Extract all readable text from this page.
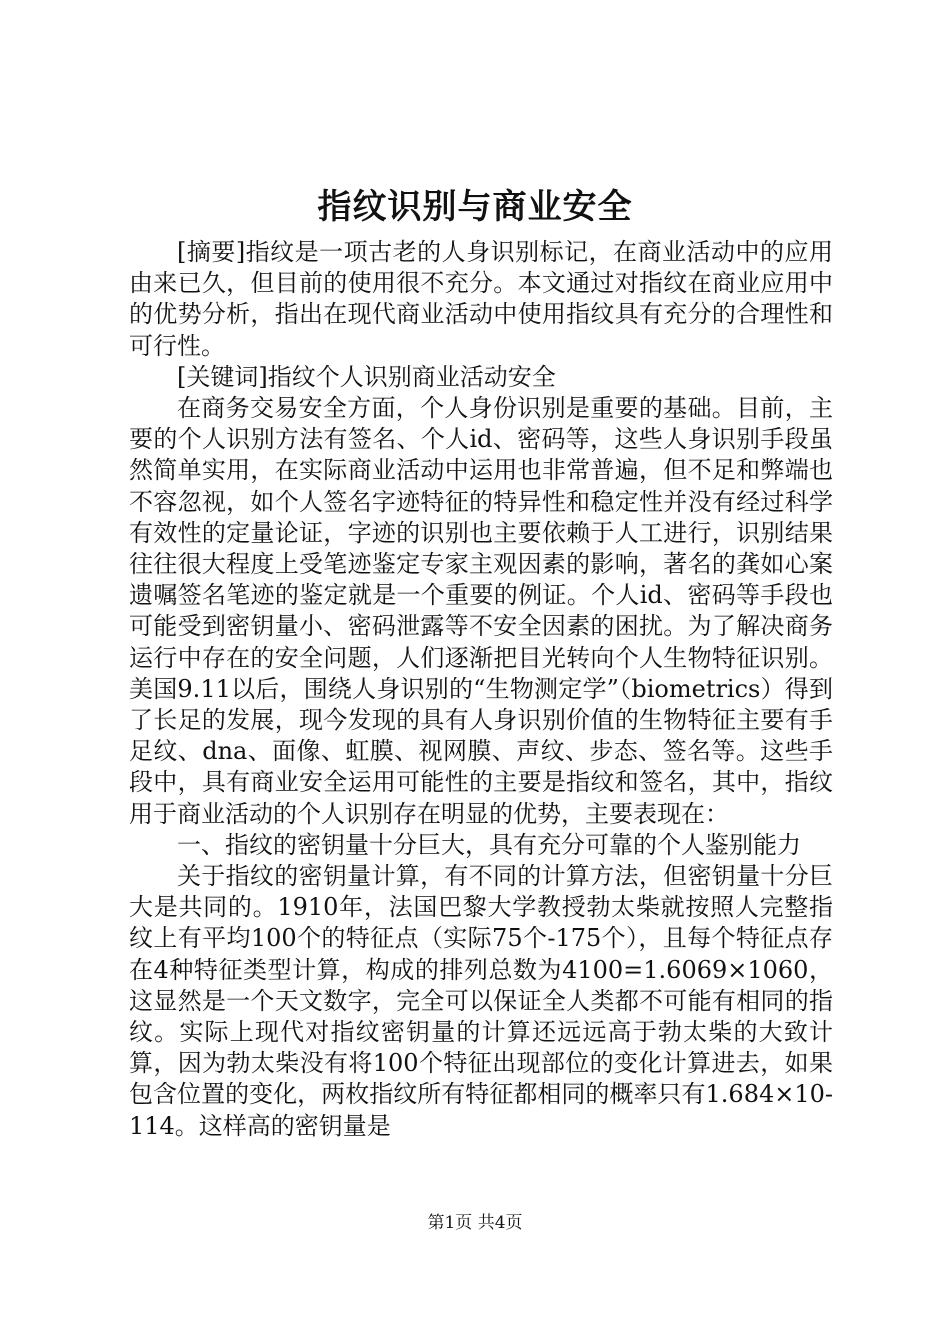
指纹识别与商业安全

[摘要]指纹是一项古老的人身识别标记，在商业活动中的应用由来已久，但目前的使用很不充分。本文通过对指纹在商业应用中的优势分析，指出在现代商业活动中使用指纹具有充分的合理性和可行性。

[关键词]指纹个人识别商业活动安全

在商务交易安全方面，个人身份识别是重要的基础。目前，主要的个人识别方法有签名、个人id、密码等，这些人身识别手段虽然简单实用，在实际商业活动中运用也非常普遍，但不足和弊端也不容忽视，如个人签名字迹特征的特异性和稳定性并没有经过科学有效性的定量论证，字迹的识别也主要依赖于人工进行，识别结果往往很大程度上受笔迹鉴定专家主观因素的影响，著名的龚如心案遗嘱签名笔迹的鉴定就是一个重要的例证。个人id、密码等手段也可能受到密钥量小、密码泄露等不安全因素的困扰。为了解决商务运行中存在的安全问题，人们逐渐把目光转向个人生物特征识别。美国9.11以后，围绕人身识别的“生物测定学”（biometrics）得到了长足的发展，现今发现的具有人身识别价值的生物特征主要有手足纹、dna、面像、虹膜、视网膜、声纹、步态、签名等。这些手段中，具有商业安全运用可能性的主要是指纹和签名，其中，指纹用于商业活动的个人识别存在明显的优势，主要表现在：

一、指纹的密钥量十分巨大，具有充分可靠的个人鉴别能力

关于指纹的密钥量计算，有不同的计算方法，但密钥量十分巨大是共同的。1910年，法国巴黎大学教授勃太柴就按照人完整指纹上有平均100个的特征点（实际75个-175个），且每个特征点存在4种特征类型计算，构成的排列总数为4100=1.6069×1060，这显然是一个天文数字，完全可以保证全人类都不可能有相同的指纹。实际上现代对指纹密钥量的计算还远远高于勃太柴的大致计算，因为勃太柴没有将100个特征出现部位的变化计算进去，如果包含位置的变化，两枚指纹所有特征都相同的概率只有1.684×10-114。这样高的密钥量是

第1页 共4页
